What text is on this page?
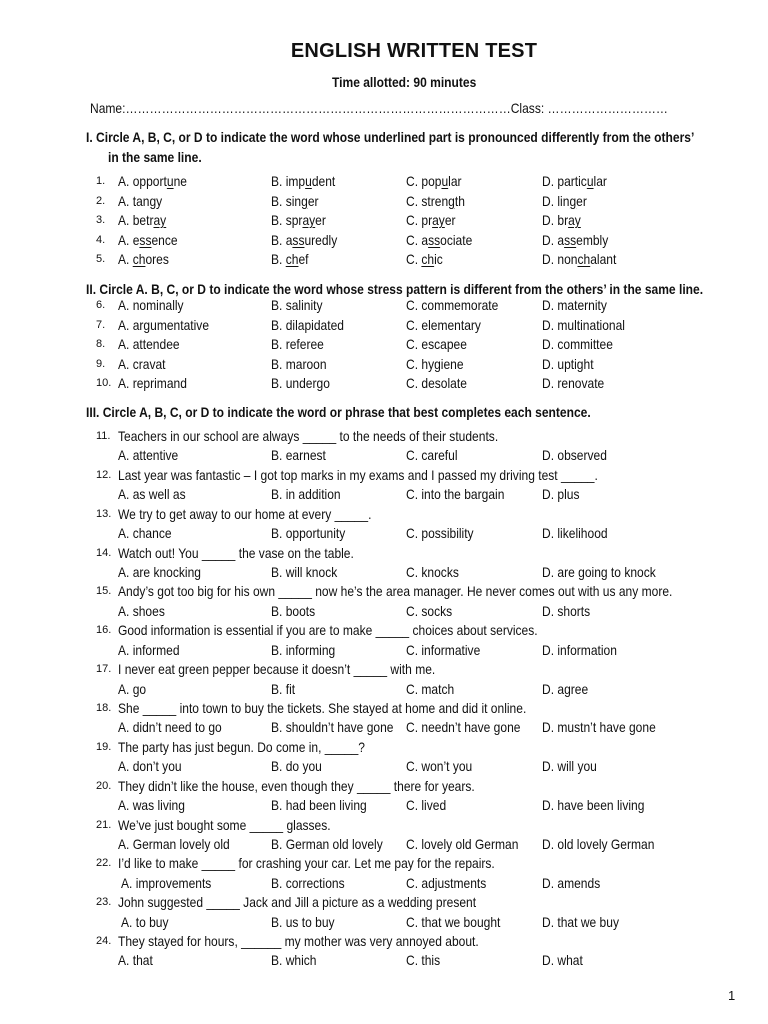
ENGLISH WRITTEN TEST
Time allotted: 90 minutes
Name:……………………………………………………………………………………Class: …………………………
I. Circle A, B, C, or D to indicate the word whose underlined part is pronounced differently from the others’
in the same line.
1. A. opportune	B. impudent	C. popular	D. particular
2. A. tangy	B. singer	C. strength	D. linger
3. A. betray	B. sprayer	C. prayer	D. bray
4. A. essence	B. assuredly	C. associate	D. assembly
5. A. chores	B. chef	C. chic	D. nonchalant
II. Circle A. B, C, or D to indicate the word whose stress pattern is different from the others’ in the same line.
6. A. nominally	B. salinity	C. commemorate	D. maternity
7. A. argumentative	B. dilapidated	C. elementary	D. multinational
8. A. attendee	B. referee	C. escapee	D. committee
9. A. cravat	B. maroon	C. hygiene	D. uptight
10. A. reprimand	B. undergo	C. desolate	D. renovate
III. Circle A, B, C, or D to indicate the word or phrase that best completes each sentence.
11. Teachers in our school are always _____ to the needs of their students.
A. attentive	B. earnest	C. careful	D. observed
12. Last year was fantastic – I got top marks in my exams and I passed my driving test _____.
A. as well as	B. in addition	C. into the bargain	D. plus
13. We try to get away to our home at every _____.
A. chance	B. opportunity	C. possibility	D. likelihood
14. Watch out! You _____ the vase on the table.
A. are knocking	B. will knock	C. knocks	D. are going to knock
15. Andy’s got too big for his own _____ now he’s the area manager. He never comes out with us any more.
A. shoes	B. boots	C. socks	D. shorts
16. Good information is essential if you are to make _____ choices about services.
A. informed	B. informing	C. informative	D. information
17. I never eat green pepper because it doesn’t _____ with me.
A. go	B. fit	C. match	D. agree
18. She _____ into town to buy the tickets. She stayed at home and did it online.
A. didn’t need to go	B. shouldn’t have gone C. needn’t have gone	D. mustn’t have gone
19. The party has just begun. Do come in, _____?
A. don’t you	B. do you	C. won’t you	D. will you
20. They didn’t like the house, even though they _____ there for years.
A. was living	B. had been living	C. lived	D. have been living
21. We’ve just bought some _____ glasses.
A. German lovely old	B. German old lovely	C. lovely old German	D. old lovely German
22. I’d like to make _____ for crashing your car. Let me pay for the repairs.
A. improvements	B. corrections	C. adjustments	D. amends
23. John suggested _____ Jack and Jill a picture as a wedding present
A. to buy	B. us to buy	C. that we bought	D. that we buy
24. They stayed for hours, ______ my mother was very annoyed about.
A. that	B. which	C. this	D. what
1
